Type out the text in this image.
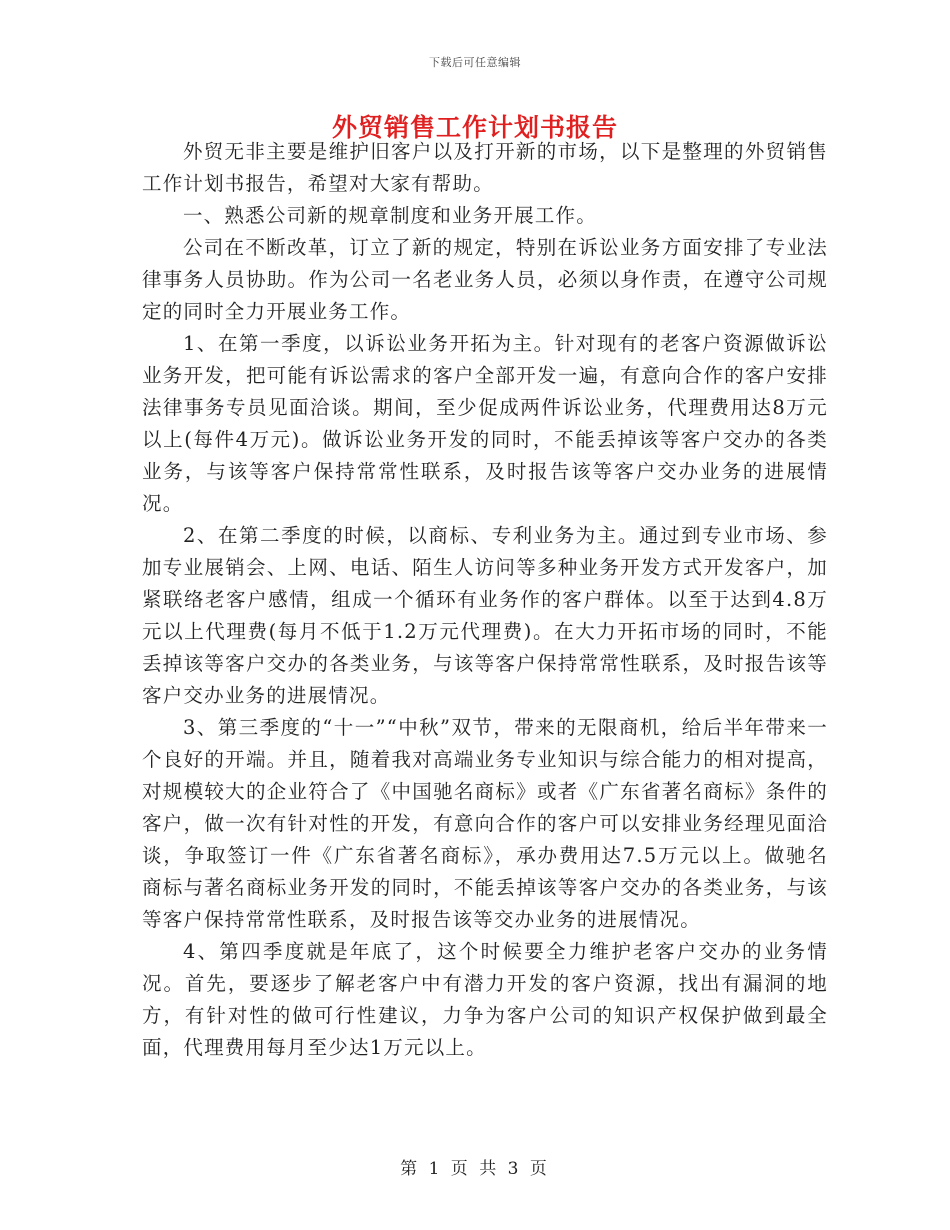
下载后可任意编辑
外贸销售工作计划书报告

外贸无非主要是维护旧客户以及打开新的市场，以下是整理的外贸销售工作计划书报告，希望对大家有帮助。

一、熟悉公司新的规章制度和业务开展工作。

公司在不断改革，订立了新的规定，特别在诉讼业务方面安排了专业法律事务人员协助。作为公司一名老业务人员，必须以身作责，在遵守公司规定的同时全力开展业务工作。

1、在第一季度，以诉讼业务开拓为主。针对现有的老客户资源做诉讼业务开发，把可能有诉讼需求的客户全部开发一遍，有意向合作的客户安排法律事务专员见面洽谈。期间，至少促成两件诉讼业务，代理费用达8万元以上(每件4万元)。做诉讼业务开发的同时，不能丢掉该等客户交办的各类业务，与该等客户保持常常性联系，及时报告该等客户交办业务的进展情况。

2、在第二季度的时候，以商标、专利业务为主。通过到专业市场、参加专业展销会、上网、电话、陌生人访问等多种业务开发方式开发客户，加紧联络老客户感情，组成一个循环有业务作的客户群体。以至于达到4.8万元以上代理费(每月不低于1.2万元代理费)。在大力开拓市场的同时，不能丢掉该等客户交办的各类业务，与该等客户保持常常性联系，及时报告该等客户交办业务的进展情况。

3、第三季度的“十一”“中秋”双节，带来的无限商机，给后半年带来一个良好的开端。并且，随着我对高端业务专业知识与综合能力的相对提高，对规模较大的企业符合了《中国驰名商标》或者《广东省著名商标》条件的客户，做一次有针对性的开发，有意向合作的客户可以安排业务经理见面洽谈，争取签订一件《广东省著名商标》，承办费用达7.5万元以上。做驰名商标与著名商标业务开发的同时，不能丢掉该等客户交办的各类业务，与该等客户保持常常性联系，及时报告该等交办业务的进展情况。

4、第四季度就是年底了，这个时候要全力维护老客户交办的业务情况。首先，要逐步了解老客户中有潜力开发的客户资源，找出有漏洞的地方，有针对性的做可行性建议，力争为客户公司的知识产权保护做到最全面，代理费用每月至少达1万元以上。

第 1 页 共 3 页
